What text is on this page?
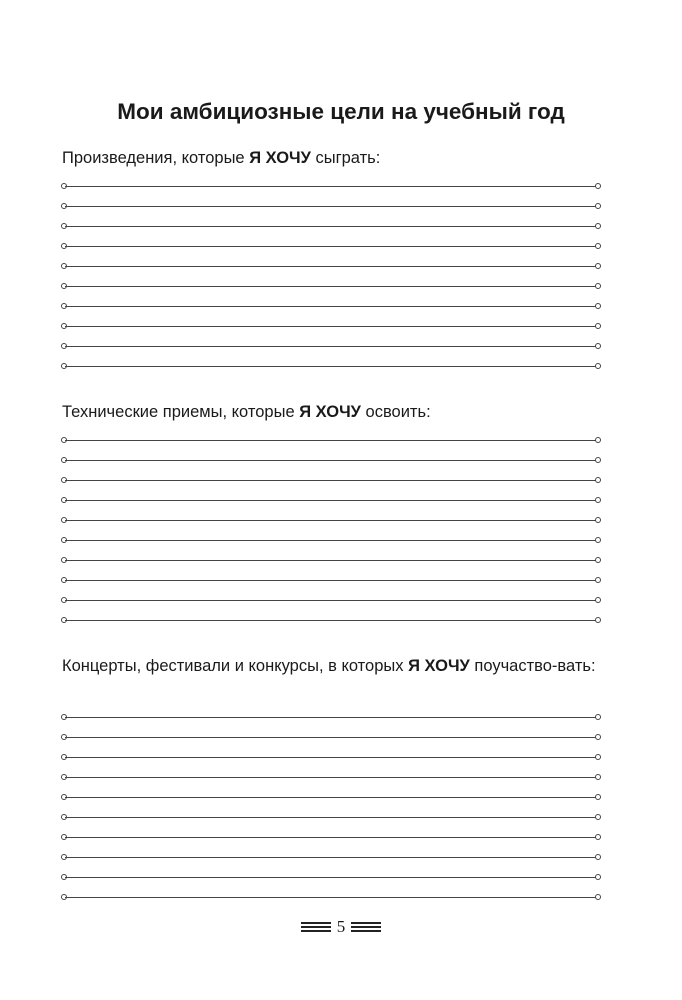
Мои амбициозные цели на учебный год

Произведения, которые Я ХОЧУ сыграть:

Технические приемы, которые Я ХОЧУ освоить:

Концерты, фестивали и конкурсы, в которых Я ХОЧУ поучаство-вать:

5
